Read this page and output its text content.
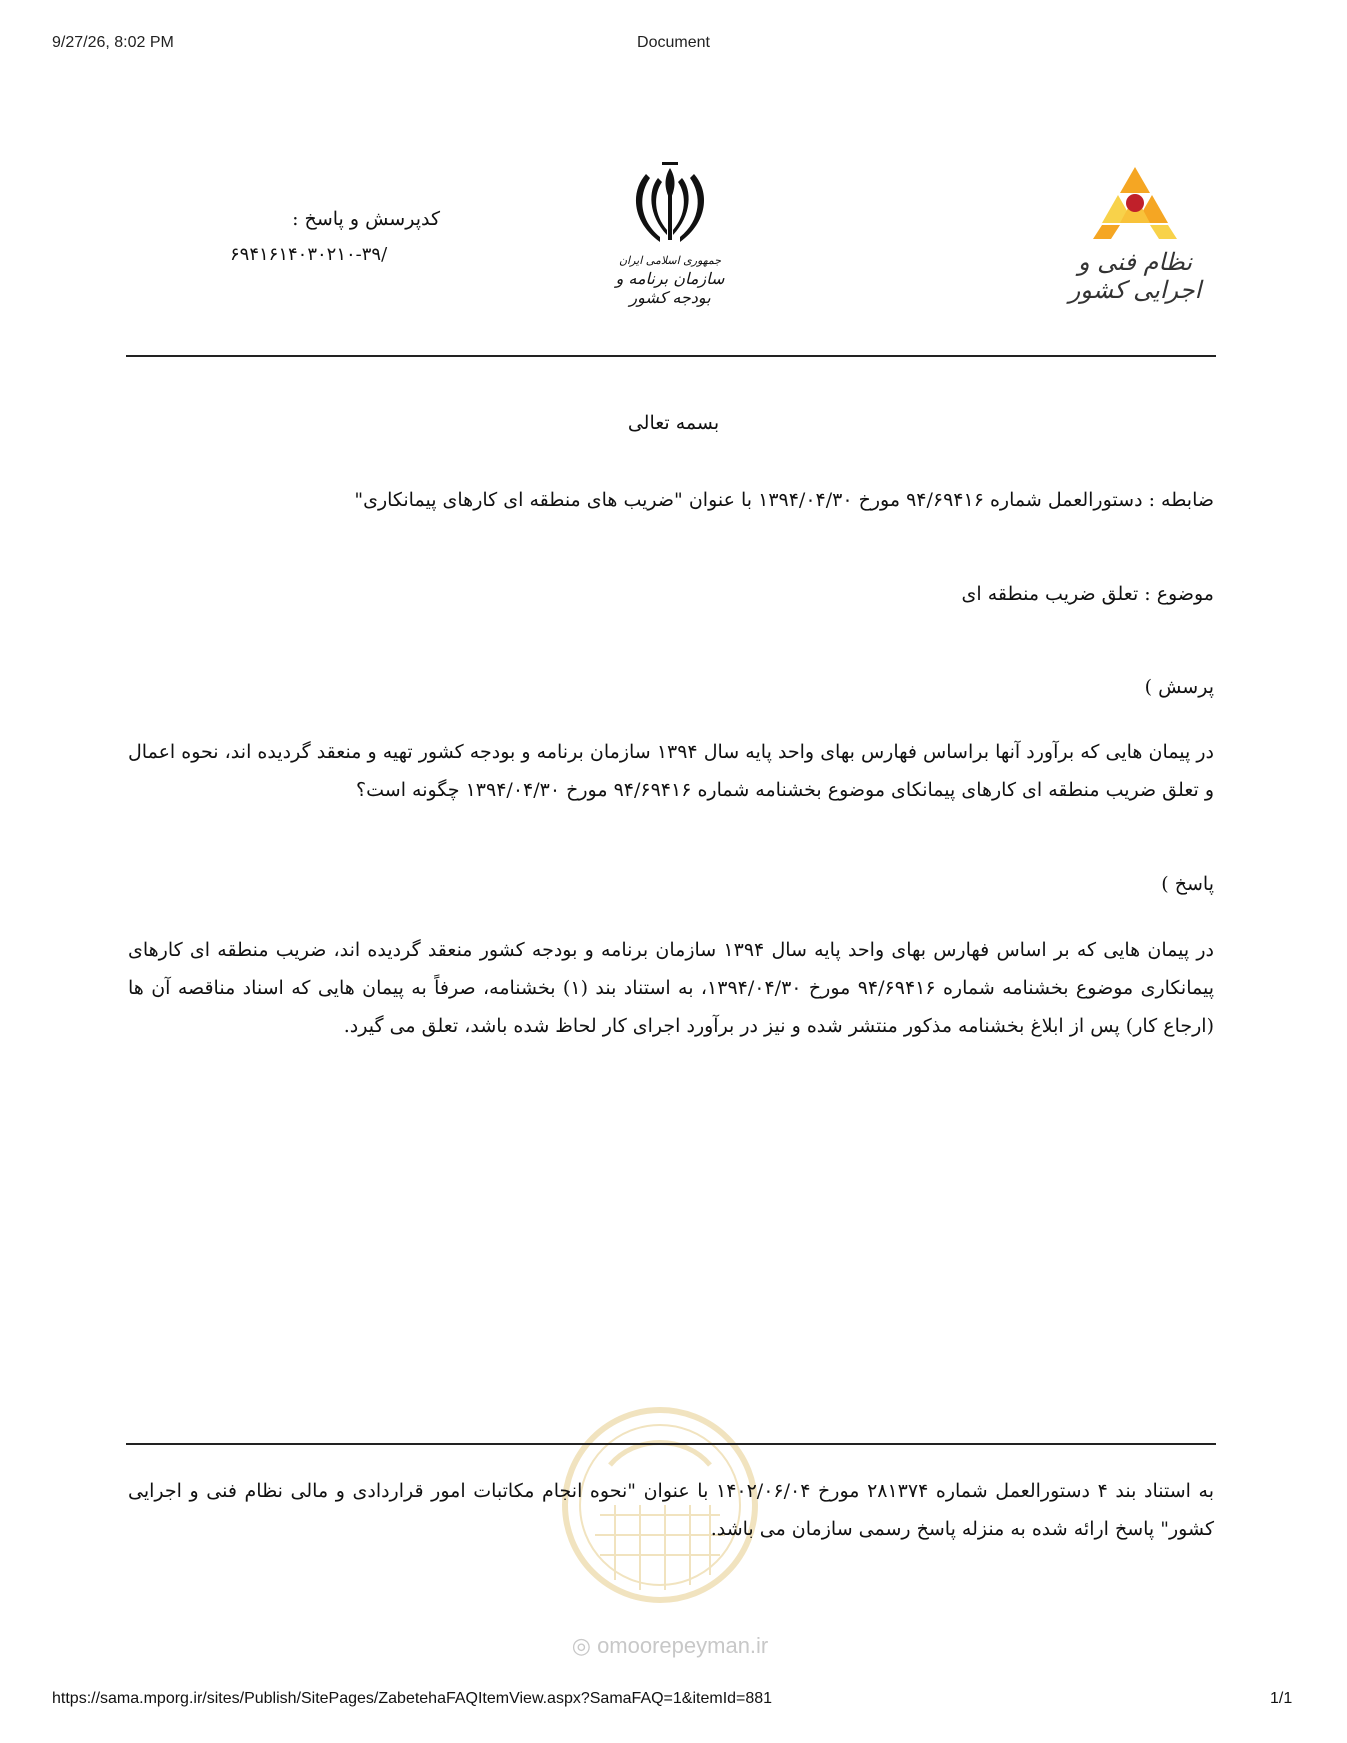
9/27/26, 8:02 PM	Document
کدپرسش و پاسخ :
۶۹۴۱۶۱۴۰۳۰۲۱۰-۳۹/	جمهوری اسلامی ایران
سازمان برنامه و بودجه کشور
نظام فنی و اجرایی کشور
بسمه تعالی
ضابطه : دستورالعمل شماره ۹۴/۶۹۴۱۶ مورخ ۱۳۹۴/۰۴/۳۰ با عنوان "ضریب های منطقه ای کارهای پیمانکاری"
موضوع : تعلق ضریب منطقه ای
پرسش )
در پیمان هایی که برآورد آنها براساس فهارس بهای واحد پایه سال ۱۳۹۴ سازمان برنامه و بودجه کشور تهیه و منعقد گردیده اند، نحوه اعمال و تعلق ضریب منطقه ای کارهای پیمانکای موضوع بخشنامه شماره ۹۴/۶۹۴۱۶ مورخ ۱۳۹۴/۰۴/۳۰ چگونه است؟
پاسخ )
در پیمان هایی که بر اساس فهارس بهای واحد پایه سال ۱۳۹۴ سازمان برنامه و بودجه کشور منعقد گردیده اند، ضریب منطقه ای کارهای پیمانکاری موضوع بخشنامه شماره ۹۴/۶۹۴۱۶ مورخ ۱۳۹۴/۰۴/۳۰، به استناد بند (۱) بخشنامه، صرفاً به پیمان هایی که اسناد مناقصه آن ها (ارجاع کار) پس از ابلاغ بخشنامه مذکور منتشر شده و نیز در برآورد اجرای کار لحاظ شده باشد، تعلق می گیرد.
◎ omoorepeyman.ir
به استناد بند ۴ دستورالعمل شماره ۲۸۱۳۷۴ مورخ ۱۴۰۲/۰۶/۰۴ با عنوان "نحوه انجام مکاتبات امور قراردادی و مالی نظام فنی و اجرایی کشور" پاسخ ارائه شده به منزله پاسخ رسمی سازمان می باشد.
https://sama.mporg.ir/sites/Publish/SitePages/ZabetehaFAQItemView.aspx?SamaFAQ=1&itemId=881	1/1
